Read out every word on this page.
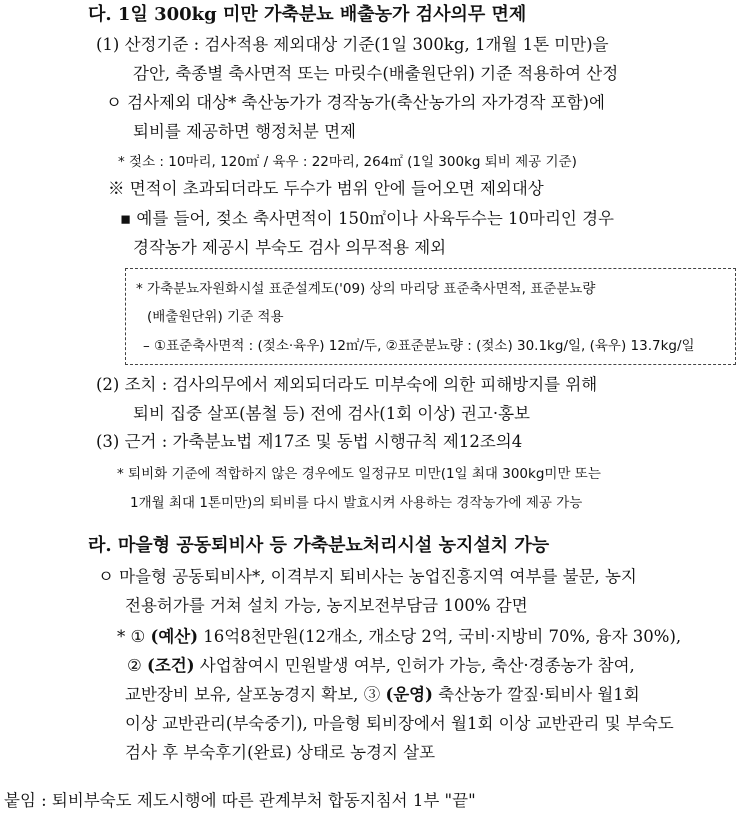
다. 1일 300kg 미만 가축분뇨 배출농가 검사의무 면제
(1) 산정기준 : 검사적용 제외대상 기준(1일 300kg, 1개월 1톤 미만)을
감안, 축종별 축사면적 또는 마릿수(배출원단위) 기준 적용하여 산정
ㅇ 검사제외 대상* 축산농가가 경작농가(축산농가의 자가경작 포함)에
퇴비를 제공하면 행정처분 면제
* 젖소 : 10마리, 120㎡ / 육우 : 22마리, 264㎡ (1일 300kg 퇴비 제공 기준)
※ 면적이 초과되더라도 두수가 범위 안에 들어오면 제외대상
▪ 예를 들어, 젖소 축사면적이 150㎡이나 사육두수는 10마리인 경우
경작농가 제공시 부숙도 검사 의무적용 제외
* 가축분뇨자원화시설 표준설계도('09) 상의 마리당 표준축사면적, 표준분뇨량
(배출원단위) 기준 적용
– ①표준축사면적 : (젖소·육우) 12㎡/두, ②표준분뇨량 : (젖소) 30.1kg/일, (육우) 13.7kg/일
(2) 조치 : 검사의무에서 제외되더라도 미부숙에 의한 피해방지를 위해
퇴비 집중 살포(봄철 등) 전에 검사(1회 이상) 권고·홍보
(3) 근거 : 가축분뇨법 제17조 및 동법 시행규칙 제12조의4
* 퇴비화 기준에 적합하지 않은 경우에도 일정규모 미만(1일 최대 300kg미만 또는
1개월 최대 1톤미만)의 퇴비를 다시 발효시켜 사용하는 경작농가에 제공 가능
라. 마을형 공동퇴비사 등 가축분뇨처리시설 농지설치 가능
ㅇ 마을형 공동퇴비사*, 이격부지 퇴비사는 농업진흥지역 여부를 불문, 농지
전용허가를 거쳐 설치 가능, 농지보전부담금 100% 감면
* ① (예산) 16억8천만원(12개소, 개소당 2억, 국비·지방비 70%, 융자 30%),
② (조건) 사업참여시 민원발생 여부, 인허가 가능, 축산·경종농가 참여,
교반장비 보유, 살포농경지 확보, ③ (운영) 축산농가 깔짚·퇴비사 월1회
이상 교반관리(부숙중기), 마을형 퇴비장에서 월1회 이상 교반관리 및 부숙도
검사 후 부숙후기(완료) 상태로 농경지 살포
붙임 : 퇴비부숙도 제도시행에 따른 관계부처 합동지침서 1부 "끝"
